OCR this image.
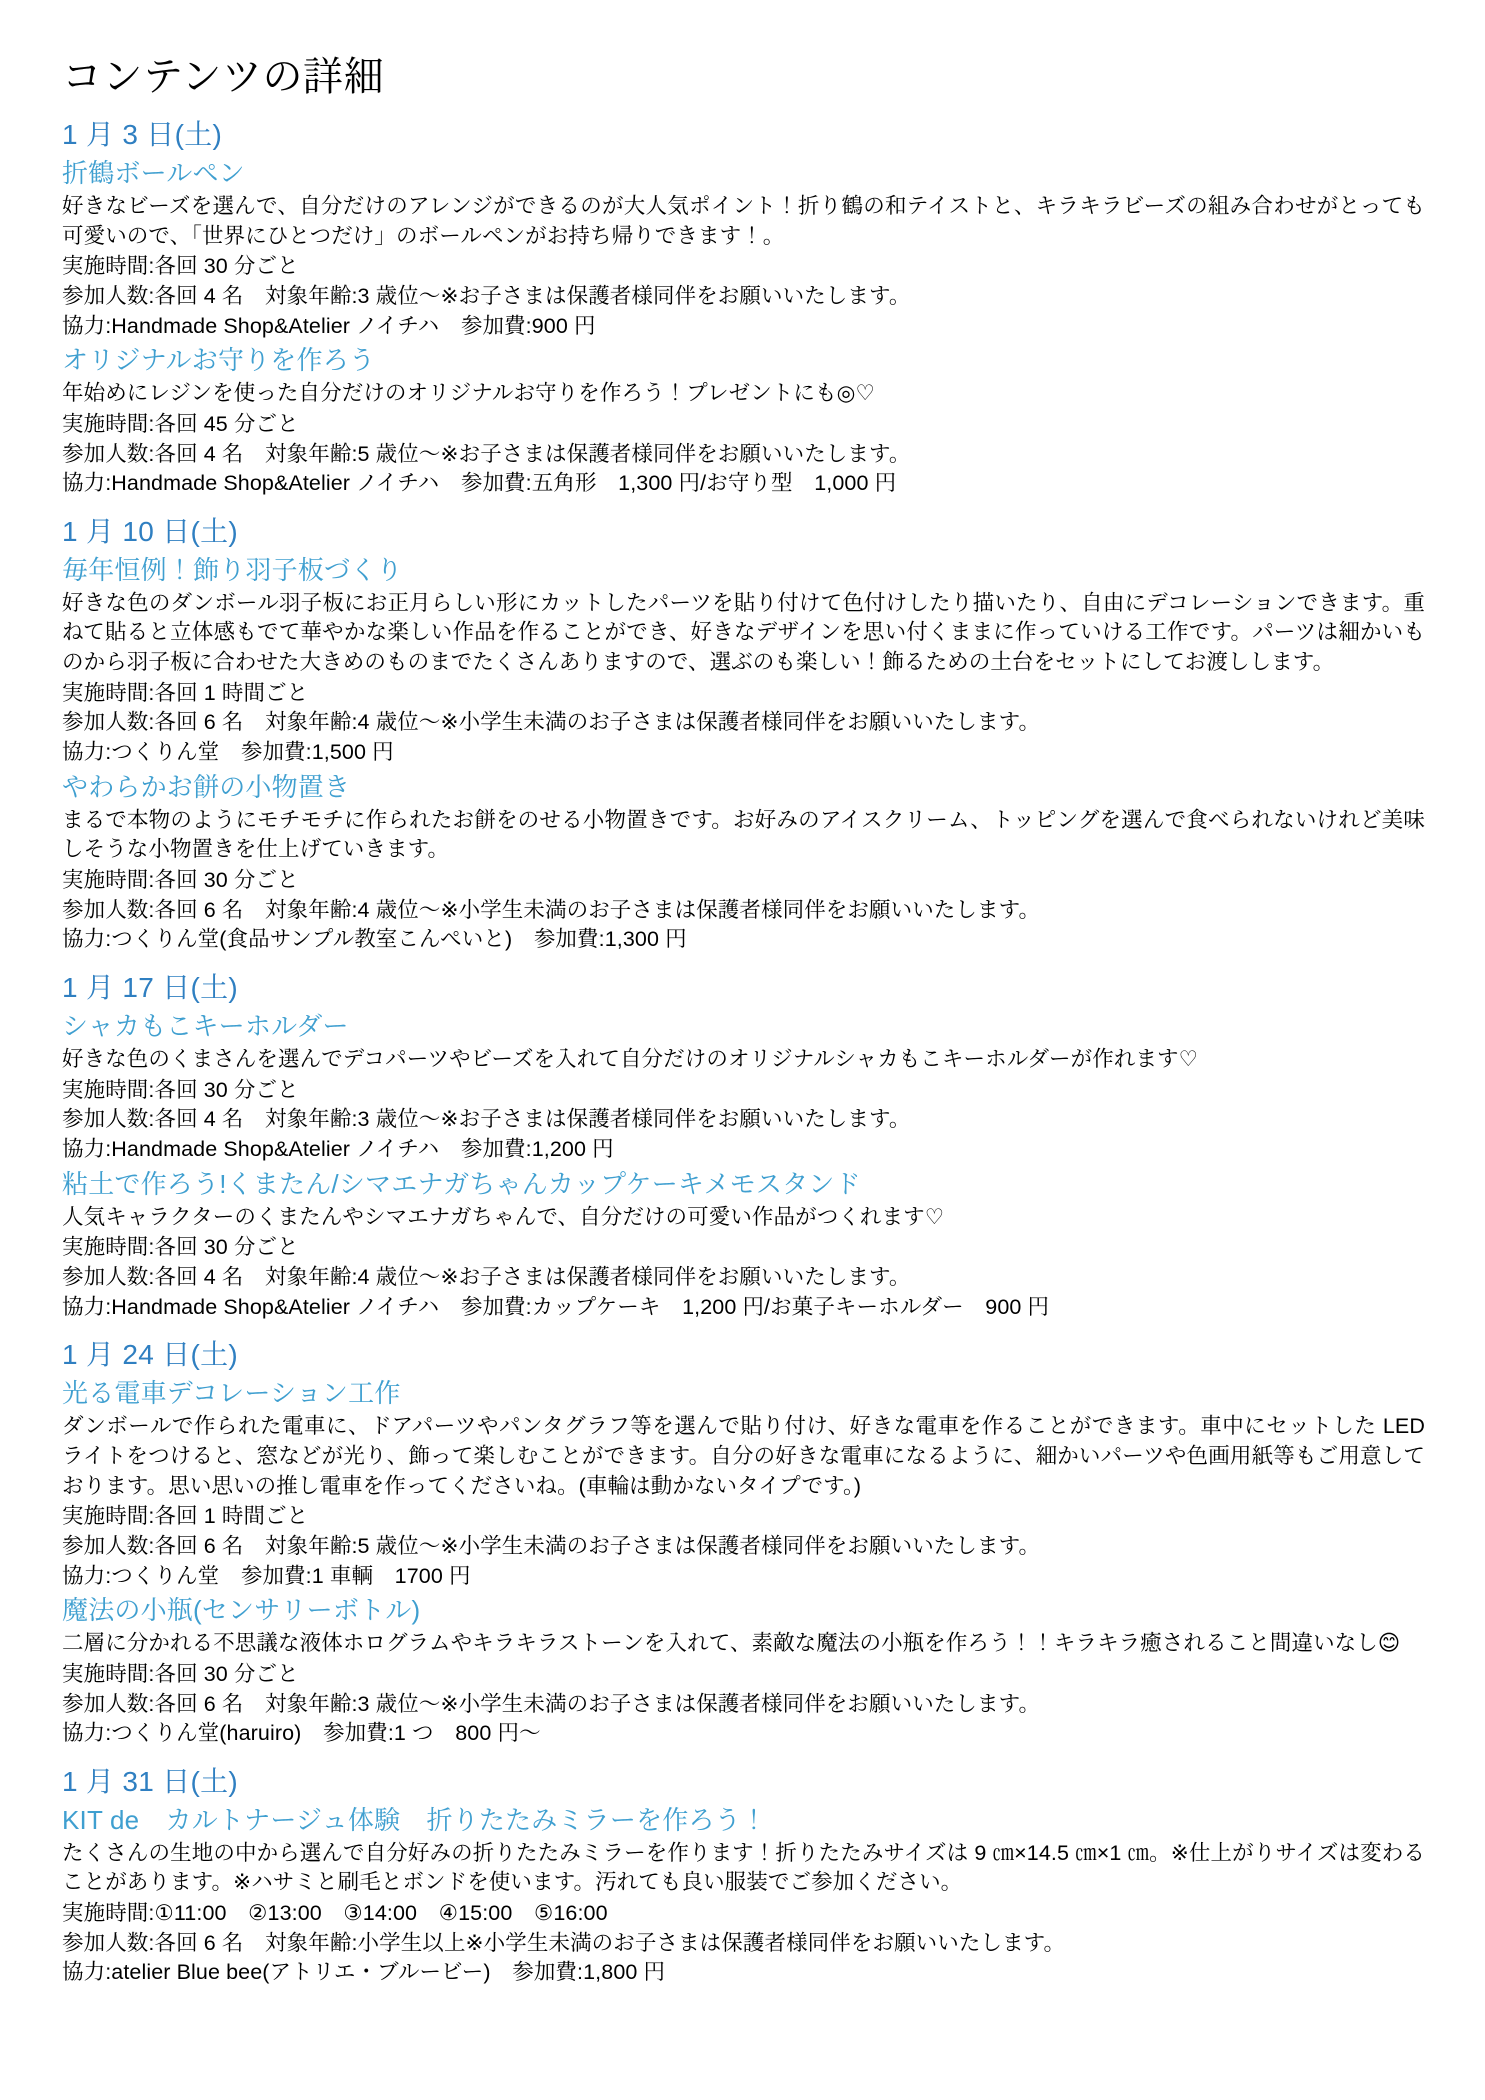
コンテンツの詳細
1 月 3 日(土)
折鶴ボールペン
好きなビーズを選んで、自分だけのアレンジができるのが大人気ポイント！折り鶴の和テイストと、キラキラビーズの組み合わせがとっても可愛いので、「世界にひとつだけ」のボールペンがお持ち帰りできます！。
実施時間:各回 30 分ごと
参加人数:各回 4 名　対象年齢:3 歳位～※お子さまは保護者様同伴をお願いいたします。
協力:Handmade Shop&Atelier ノイチハ　参加費:900 円
オリジナルお守りを作ろう
年始めにレジンを使った自分だけのオリジナルお守りを作ろう！プレゼントにも◎♡
実施時間:各回 45 分ごと
参加人数:各回 4 名　対象年齢:5 歳位～※お子さまは保護者様同伴をお願いいたします。
協力:Handmade Shop&Atelier ノイチハ　参加費:五角形　1,300 円/お守り型　1,000 円
1 月 10 日(土)
毎年恒例！飾り羽子板づくり
好きな色のダンボール羽子板にお正月らしい形にカットしたパーツを貼り付けて色付けしたり描いたり、自由にデコレーションできます。重ねて貼ると立体感もでて華やかな楽しい作品を作ることができ、好きなデザインを思い付くままに作っていける工作です。パーツは細かいものから羽子板に合わせた大きめのものまでたくさんありますので、選ぶのも楽しい！飾るための土台をセットにしてお渡しします。
実施時間:各回 1 時間ごと
参加人数:各回 6 名　対象年齢:4 歳位～※小学生未満のお子さまは保護者様同伴をお願いいたします。
協力:つくりん堂　参加費:1,500 円
やわらかお餅の小物置き
まるで本物のようにモチモチに作られたお餅をのせる小物置きです。お好みのアイスクリーム、トッピングを選んで食べられないけれど美味しそうな小物置きを仕上げていきます。
実施時間:各回 30 分ごと
参加人数:各回 6 名　対象年齢:4 歳位～※小学生未満のお子さまは保護者様同伴をお願いいたします。
協力:つくりん堂(食品サンプル教室こんぺいと)　参加費:1,300 円
1 月 17 日(土)
シャカもこキーホルダー
好きな色のくまさんを選んでデコパーツやビーズを入れて自分だけのオリジナルシャカもこキーホルダーが作れます♡
実施時間:各回 30 分ごと
参加人数:各回 4 名　対象年齢:3 歳位～※お子さまは保護者様同伴をお願いいたします。
協力:Handmade Shop&Atelier ノイチハ　参加費:1,200 円
粘土で作ろう!くまたん/シマエナガちゃんカップケーキメモスタンド
人気キャラクターのくまたんやシマエナガちゃんで、自分だけの可愛い作品がつくれます♡
実施時間:各回 30 分ごと
参加人数:各回 4 名　対象年齢:4 歳位～※お子さまは保護者様同伴をお願いいたします。
協力:Handmade Shop&Atelier ノイチハ　参加費:カップケーキ　1,200 円/お菓子キーホルダー　900 円
1 月 24 日(土)
光る電車デコレーション工作
ダンボールで作られた電車に、ドアパーツやパンタグラフ等を選んで貼り付け、好きな電車を作ることができます。車中にセットした LED ライトをつけると、窓などが光り、飾って楽しむことができます。自分の好きな電車になるように、細かいパーツや色画用紙等もご用意しております。思い思いの推し電車を作ってくださいね。(車輪は動かないタイプです。)
実施時間:各回 1 時間ごと
参加人数:各回 6 名　対象年齢:5 歳位～※小学生未満のお子さまは保護者様同伴をお願いいたします。
協力:つくりん堂　参加費:1 車輌　1700 円
魔法の小瓶(センサリーボトル)
二層に分かれる不思議な液体ホログラムやキラキラストーンを入れて、素敵な魔法の小瓶を作ろう！！キラキラ癒されること間違いなし😊
実施時間:各回 30 分ごと
参加人数:各回 6 名　対象年齢:3 歳位～※小学生未満のお子さまは保護者様同伴をお願いいたします。
協力:つくりん堂(haruiro)　参加費:1 つ　800 円～
1 月 31 日(土)
KIT de　カルトナージュ体験　折りたたみミラーを作ろう！
たくさんの生地の中から選んで自分好みの折りたたみミラーを作ります！折りたたみサイズは 9 ㎝×14.5 ㎝×1 ㎝。※仕上がりサイズは変わることがあります。※ハサミと刷毛とボンドを使います。汚れても良い服装でご参加ください。
実施時間:①11:00　②13:00　③14:00　④15:00　⑤16:00
参加人数:各回 6 名　対象年齢:小学生以上※小学生未満のお子さまは保護者様同伴をお願いいたします。
協力:atelier Blue bee(アトリエ・ブルービー)　参加費:1,800 円
